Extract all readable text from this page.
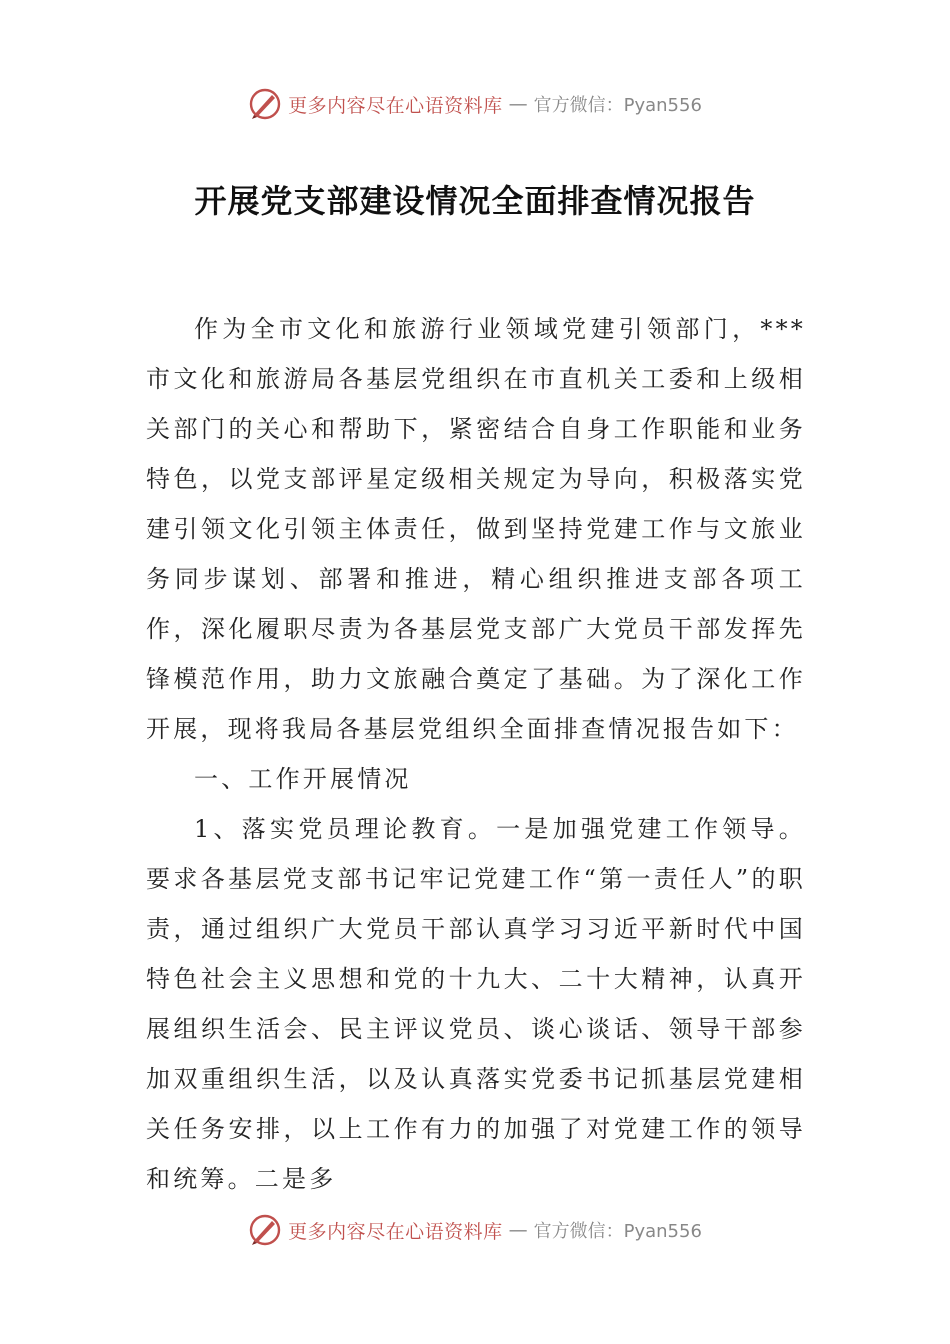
更多内容尽在心语资料库 — 官方微信：Pyan556
开展党支部建设情况全面排查情况报告

作为全市文化和旅游行业领域党建引领部门，***市文化和旅游局各基层党组织在市直机关工委和上级相关部门的关心和帮助下，紧密结合自身工作职能和业务特色，以党支部评星定级相关规定为导向，积极落实党建引领文化引领主体责任，做到坚持党建工作与文旅业务同步谋划、部署和推进，精心组织推进支部各项工作，深化履职尽责为各基层党支部广大党员干部发挥先锋模范作用，助力文旅融合奠定了基础。为了深化工作开展，现将我局各基层党组织全面排查情况报告如下：

一、工作开展情况

1、落实党员理论教育。一是加强党建工作领导。要求各基层党支部书记牢记党建工作“第一责任人”的职责，通过组织广大党员干部认真学习习近平新时代中国特色社会主义思想和党的十九大、二十大精神，认真开展组织生活会、民主评议党员、谈心谈话、领导干部参加双重组织生活，以及认真落实党委书记抓基层党建相关任务安排，以上工作有力的加强了对党建工作的领导和统筹。二是多

更多内容尽在心语资料库 — 官方微信：Pyan556
